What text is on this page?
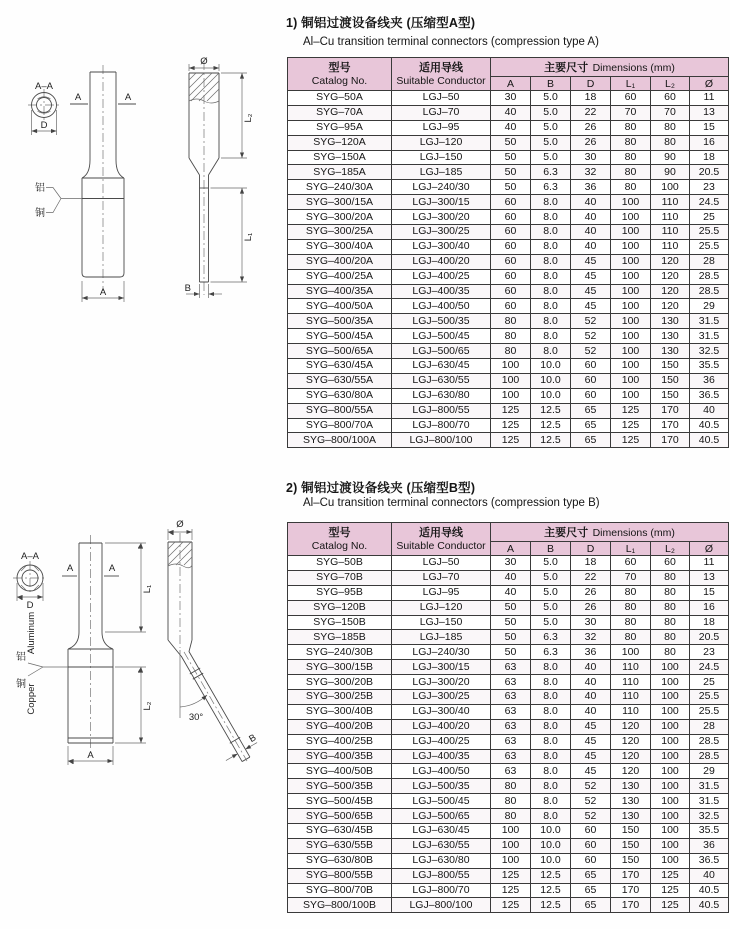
1) 铜铝过渡设备线夹 (压缩型A型)
Al–Cu transition terminal connectors (compression type A)
型号
Catalog No.

适用导线
Suitable Conductor
	主要尺寸 Dimensions (mm)
		A	B	D	L₁	L₂	Ø
SYG–50A	LGJ–50	30	5.0	18	60	60	11
SYG–70A	LGJ–70	40	5.0	22	70	70	13
SYG–95A	LGJ–95	40	5.0	26	80	80	15
SYG–120A	LGJ–120	50	5.0	26	80	80	16
SYG–150A	LGJ–150	50	5.0	30	80	90	18
SYG–185A	LGJ–185	50	6.3	32	80	90	20.5
SYG–240/30A	LGJ–240/30	50	6.3	36	80	100	23
SYG–300/15A	LGJ–300/15	60	8.0	40	100	110	24.5
SYG–300/20A	LGJ–300/20	60	8.0	40	100	110	25
SYG–300/25A	LGJ–300/25	60	8.0	40	100	110	25.5
SYG–300/40A	LGJ–300/40	60	8.0	40	100	110	25.5
SYG–400/20A	LGJ–400/20	60	8.0	45	100	120	28
SYG–400/25A	LGJ–400/25	60	8.0	45	100	120	28.5
SYG–400/35A	LGJ–400/35	60	8.0	45	100	120	28.5
SYG–400/50A	LGJ–400/50	60	8.0	45	100	120	29
SYG–500/35A	LGJ–500/35	80	8.0	52	100	130	31.5
SYG–500/45A	LGJ–500/45	80	8.0	52	100	130	31.5
SYG–500/65A	LGJ–500/65	80	8.0	52	100	130	32.5
SYG–630/45A	LGJ–630/45	100	10.0	60	100	150	35.5
SYG–630/55A	LGJ–630/55	100	10.0	60	100	150	36
SYG–630/80A	LGJ–630/80	100	10.0	60	100	150	36.5
SYG–800/55A	LGJ–800/55	125	12.5	65	125	170	40
SYG–800/70A	LGJ–800/70	125	12.5	65	125	170	40.5
SYG–800/100A	LGJ–800/100	125	12.5	65	125	170	40.5
2) 铜铝过渡设备线夹 (压缩型B型)
Al–Cu transition terminal connectors (compression type B)
型号
Catalog No.

适用导线
Suitable Conductor
	主要尺寸 Dimensions (mm)
		A	B	D	L₁	L₂	Ø
SYG–50B	LGJ–50	30	5.0	18	60	60	11
SYG–70B	LGJ–70	40	5.0	22	70	80	13
SYG–95B	LGJ–95	40	5.0	26	80	80	15
SYG–120B	LGJ–120	50	5.0	26	80	80	16
SYG–150B	LGJ–150	50	5.0	30	80	80	18
SYG–185B	LGJ–185	50	6.3	32	80	80	20.5
SYG–240/30B	LGJ–240/30	50	6.3	36	100	80	23
SYG–300/15B	LGJ–300/15	63	8.0	40	110	100	24.5
SYG–300/20B	LGJ–300/20	63	8.0	40	110	100	25
SYG–300/25B	LGJ–300/25	63	8.0	40	110	100	25.5
SYG–300/40B	LGJ–300/40	63	8.0	40	110	100	25.5
SYG–400/20B	LGJ–400/20	63	8.0	45	120	100	28
SYG–400/25B	LGJ–400/25	63	8.0	45	120	100	28.5
SYG–400/35B	LGJ–400/35	63	8.0	45	120	100	28.5
SYG–400/50B	LGJ–400/50	63	8.0	45	120	100	29
SYG–500/35B	LGJ–500/35	80	8.0	52	130	100	31.5
SYG–500/45B	LGJ–500/45	80	8.0	52	130	100	31.5
SYG–500/65B	LGJ–500/65	80	8.0	52	130	100	32.5
SYG–630/45B	LGJ–630/45	100	10.0	60	150	100	35.5
SYG–630/55B	LGJ–630/55	100	10.0	60	150	100	36
SYG–630/80B	LGJ–630/80	100	10.0	60	150	100	36.5
SYG–800/55B	LGJ–800/55	125	12.5	65	170	125	40
SYG–800/70B	LGJ–800/70	125	12.5	65	170	125	40.5
SYG–800/100B	LGJ–800/100	125	12.5	65	170	125	40.5
A–A
D
A	A
铝
铜
A
Ø
L₂
L₁
B
A–A
D
A	A
L₁
铝
Aluminum
铜 Copper	L₂
A
Ø
B
30°
